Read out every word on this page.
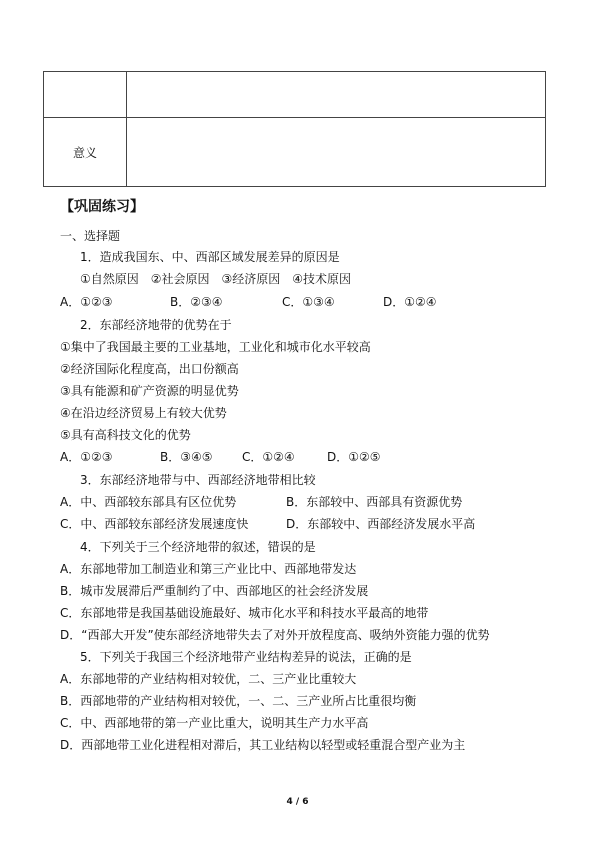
意义
【巩固练习】
一、选择题
1．造成我国东、中、西部区域发展差异的原因是
①自然原因　②社会原因　③经济原因　④技术原因
A．①②③	B．②③④	C．①③④	D．①②④
2．东部经济地带的优势在于
①集中了我国最主要的工业基地，工业化和城市化水平较高
②经济国际化程度高，出口份额高
③具有能源和矿产资源的明显优势
④在沿边经济贸易上有较大优势
⑤具有高科技文化的优势
A．①②③	B．③④⑤ C．①②④	D．①②⑤
3．东部经济地带与中、西部经济地带相比较
A．中、西部较东部具有区位优势	B．东部较中、西部具有资源优势
C．中、西部较东部经济发展速度快	D．东部较中、西部经济发展水平高
4．下列关于三个经济地带的叙述，错误的是
A．东部地带加工制造业和第三产业比中、西部地带发达
B．城市发展滞后严重制约了中、西部地区的社会经济发展
C．东部地带是我国基础设施最好、城市化水平和科技水平最高的地带
D．“西部大开发”使东部经济地带失去了对外开放程度高、吸纳外资能力强的优势
5．下列关于我国三个经济地带产业结构差异的说法，正确的是
A．东部地带的产业结构相对较优，二、三产业比重较大
B．西部地带的产业结构相对较优，一、二、三产业所占比重很均衡
C．中、西部地带的第一产业比重大，说明其生产力水平高
D．西部地带工业化进程相对滞后，其工业结构以轻型或轻重混合型产业为主
4 / 6
